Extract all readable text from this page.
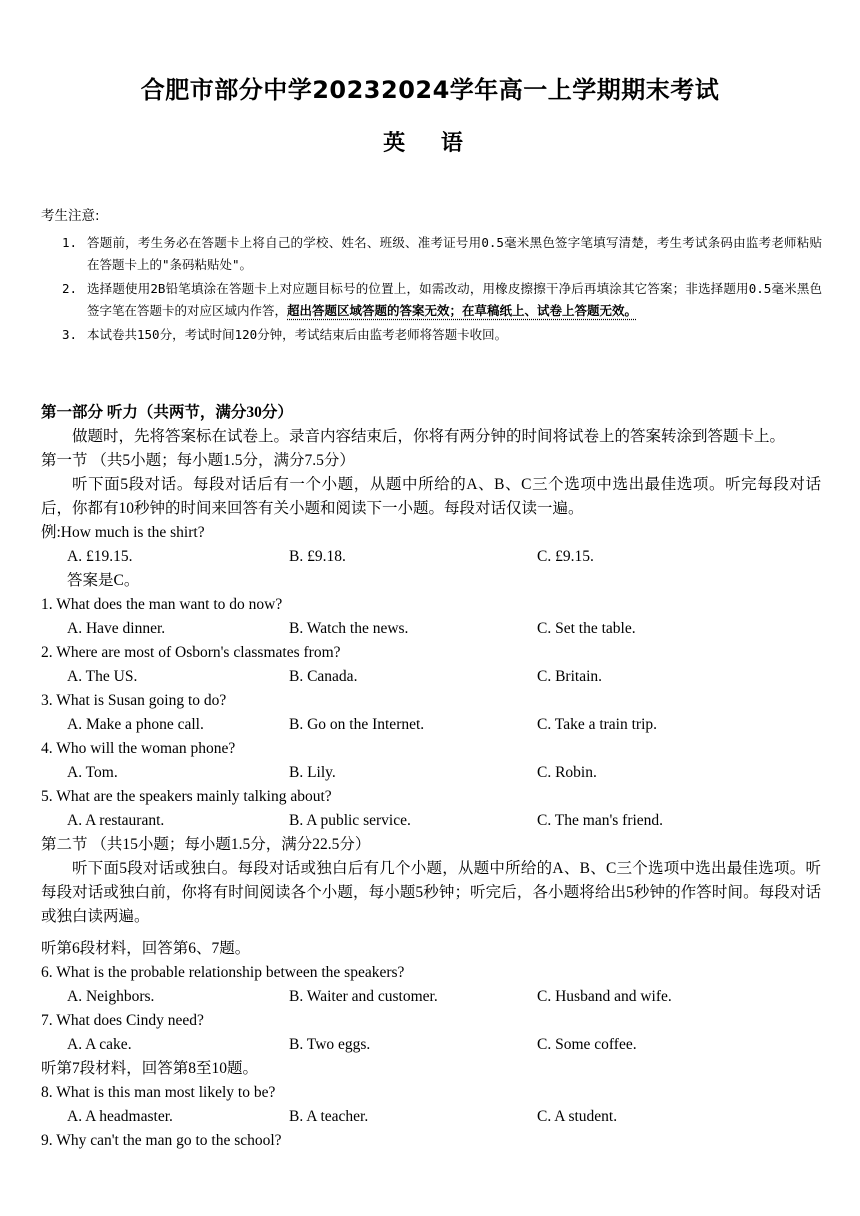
合肥市部分中学20232024学年高一上学期期末考试
英 语
考生注意:
1. 答题前，考生务必在答题卡上将自己的学校、姓名、班级、准考证号用0.5毫米黑色签字笔填写清楚，考生考试条码由监考老师粘贴在答题卡上的"条码粘贴处"。
2. 选择题使用2B铅笔填涂在答题卡上对应题目标号的位置上，如需改动，用橡皮擦擦干净后再填涂其它答案；非选择题用0.5毫米黑色签字笔在答题卡的对应区域内作答，超出答题区域答题的答案无效；在草稿纸上、试卷上答题无效。
3. 本试卷共150分，考试时间120分钟，考试结束后由监考老师将答题卡收回。
第一部分 听力（共两节，满分30分）
做题时，先将答案标在试卷上。录音内容结束后，你将有两分钟的时间将试卷上的答案转涂到答题卡上。
第一节 （共5小题；每小题1.5分，满分7.5分）
听下面5段对话。每段对话后有一个小题，从题中所给的A、B、C三个选项中选出最佳选项。听完每段对话后，你都有10秒钟的时间来回答有关小题和阅读下一小题。每段对话仅读一遍。
例:How much is the shirt?
A. £19.15.	B. £9.18.	C. £9.15.
答案是C。
1. What does the man want to do now?
A. Have dinner.	B. Watch the news.	C. Set the table.
2. Where are most of Osborn's classmates from?
A. The US.	B. Canada.	C. Britain.
3. What is Susan going to do?
A. Make a phone call.	B. Go on the Internet.	C. Take a train trip.
4. Who will the woman phone?
A. Tom.	B. Lily.	C. Robin.
5. What are the speakers mainly talking about?
A. A restaurant.	B. A public service.	C. The man's friend.
第二节 （共15小题；每小题1.5分，满分22.5分）
听下面5段对话或独白。每段对话或独白后有几个小题，从题中所给的A、B、C三个选项中选出最佳选项。听每段对话或独白前，你将有时间阅读各个小题，每小题5秒钟；听完后，各小题将给出5秒钟的作答时间。每段对话或独白读两遍。
听第6段材料，回答第6、7题。
6. What is the probable relationship between the speakers?
A. Neighbors.	B. Waiter and customer.	C. Husband and wife.
7. What does Cindy need?
A. A cake.	B. Two eggs.	C. Some coffee.
听第7段材料，回答第8至10题。
8. What is this man most likely to be?
A. A headmaster.	B. A teacher.	C. A student.
9. Why can't the man go to the school?
